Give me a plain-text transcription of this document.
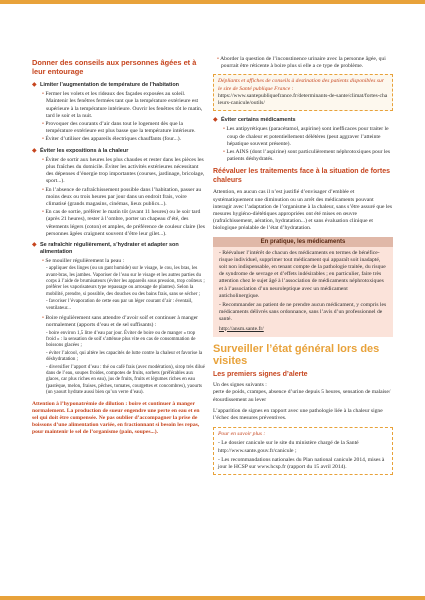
Donner des conseils aux personnes âgées et à leur entourage
◆ Limiter l’augmentation de température de l’habitation
• Fermer les volets et les rideaux des façades exposées au soleil. Maintenir les fenêtres fermées tant que la température extérieure est supérieure à la température intérieure. Ouvrir les fenêtres tôt le matin, tard le soir et la nuit.
• Provoquer des courants d’air dans tout le logement dès que la température extérieure est plus basse que la température intérieure.
• Éviter d’utiliser des appareils électriques chauffants (four...).
◆ Éviter les expositions à la chaleur
• Éviter de sortir aux heures les plus chaudes et rester dans les pièces les plus fraîches du domicile. Éviter les activités extérieures nécessitant des dépenses d’énergie trop importantes (courses, jardinage, bricolage, sport...).
• En l’absence de rafraîchissement possible dans l’habitation, passer au moins deux ou trois heures par jour dans un endroit frais, voire climatisé (grands magasins, cinémas, lieux publics...).
• En cas de sortie, préférer le matin tôt (avant 11 heures) ou le soir tard (après 21 heures), rester à l’ombre, porter un chapeau d’été, des vêtements légers (coton) et amples, de préférence de couleur claire (les personnes âgées craignent souvent d’être leur gilet...).
◆ Se rafraîchir régulièrement, s’hydrater et adapter son alimentation
• Se mouiller régulièrement la peau :
- appliquer des linges (ou un gant humide) sur le visage, le cou, les bras, les avant-bras, les jambes. Vaporiser de l’eau sur le visage et les autres parties du corps à l’aide de brumisateurs (éviter les appareils sous pression, trop coûteux ; préférer les vaporisateurs type repassage ou arrosage de plantes). Selon la mobilité, prendre, si possible, des douches ou des bains frais, sans se sécher ;
- favoriser l’évaporation de cette eau par un léger courant d’air : éventail, ventilateur...
• Boire régulièrement sans attendre d’avoir soif et continuer à manger normalement (apports d’eau et de sel suffisants) :
- boire environ 1,5 litre d’eau par jour. Éviter de boire ou de manger « trop froid » : la sensation de soif s’atténue plus vite en cas de consommation de boissons glacées ;
- éviter l’alcool, qui altère les capacités de lutte contre la chaleur et favorise la déshydratation ;
- diversifier l’apport d’eau : thé ou café frais (avec modération), sirop très dilué dans de l’eau, soupes froides, compotes de fruits, sorbets (préférables aux glaces, car plus riches en eau), jus de fruits, fruits et légumes riches en eau (pastèque, melon, fraises, pêches, tomates, courgettes et concombres), yaourts (un yaourt hydrate aussi bien qu’un verre d’eau).
Attention à l’hyponatrémie de dilution : boire et continuer à manger normalement. La production de sueur engendre une perte en eau et en sel qui doit être compensée. Ne pas oublier d’accompagner la prise de boissons d’une alimentation variée, en fractionnant si besoin les repas, pour maintenir le sel de l’organisme (pain, soupes...).
• Aborder la question de l’inconstinence urinaire avec la personne âgée, qui pourrait être réticente à boire plus si elle a ce type de problème.
Dépliants et affiches de conseils à destination des patients disponibles sur le site de Santé publique France :
https://www.santepubliquefrance.fr/determinants-de-sante/climat/fortes-chaleurs-canicule/outils/
◆ Éviter certains médicaments
• Les antipyrétiques (paracétamol, aspirine) sont inefficaces pour traiter le coup de chaleur et potentiellement délétères (peut aggraver l’atteinte hépatique souvent présente).
• Les AINS (dont l’aspirine) sont particulièrement néphrotoxiques pour les patients déshydratés.
Réévaluer les traitements face à la situation de fortes chaleurs
Attention, en aucun cas il n’est justifié d’envisager d’emblée et systématiquement une diminution ou un arrêt des médicaments pouvant interagir avec l’adaptation de l’organisme à la chaleur, sans s’être assuré que les mesures hygiéno-diététiques appropriées ont été mises en œuvre (rafraîchissement, aération, hydratation...) et sans évaluation clinique et biologique préalable de l’état d’hydratation.
En pratique, les médicaments
- Réévaluer l’intérêt de chacun des médicaments en termes de bénéfice-risque individuel, supprimer tout médicament qui apparaît soit inadapté, soit non indispensable, en tenant compte de la pathologie traitée, du risque de syndrome de sevrage et d’effets indésirables ; en particulier, faire très attention chez le sujet âgé à l’association de médicaments néphrotoxiques et à l’association d’un neuroleptique avec un médicament anticholinergique.
- Recommander au patient de ne prendre aucun médicament, y compris les médicaments délivrés sans ordonnance, sans l’avis d’un professionnel de santé.
http://ansm.sante.fr/
Surveiller l’état général lors des visites
Les premiers signes d’alerte
Un des signes suivants :
perte de poids, crampes, absence d’urine depuis 5 heures, sensation de malaise/étourdissement au lever
L’apparition de signes en rapport avec une pathologie liée à la chaleur signe l’échec des mesures préventives.
Pour en savoir plus :
- Le dossier canicule sur le site du ministère chargé de la Santé http://www.sante.gouv.fr/canicule ;
- Les recommandations nationales du Plan national canicule 2014, mises à jour le HCSP sur www.hcsp.fr (rapport du 15 avril 2014).
